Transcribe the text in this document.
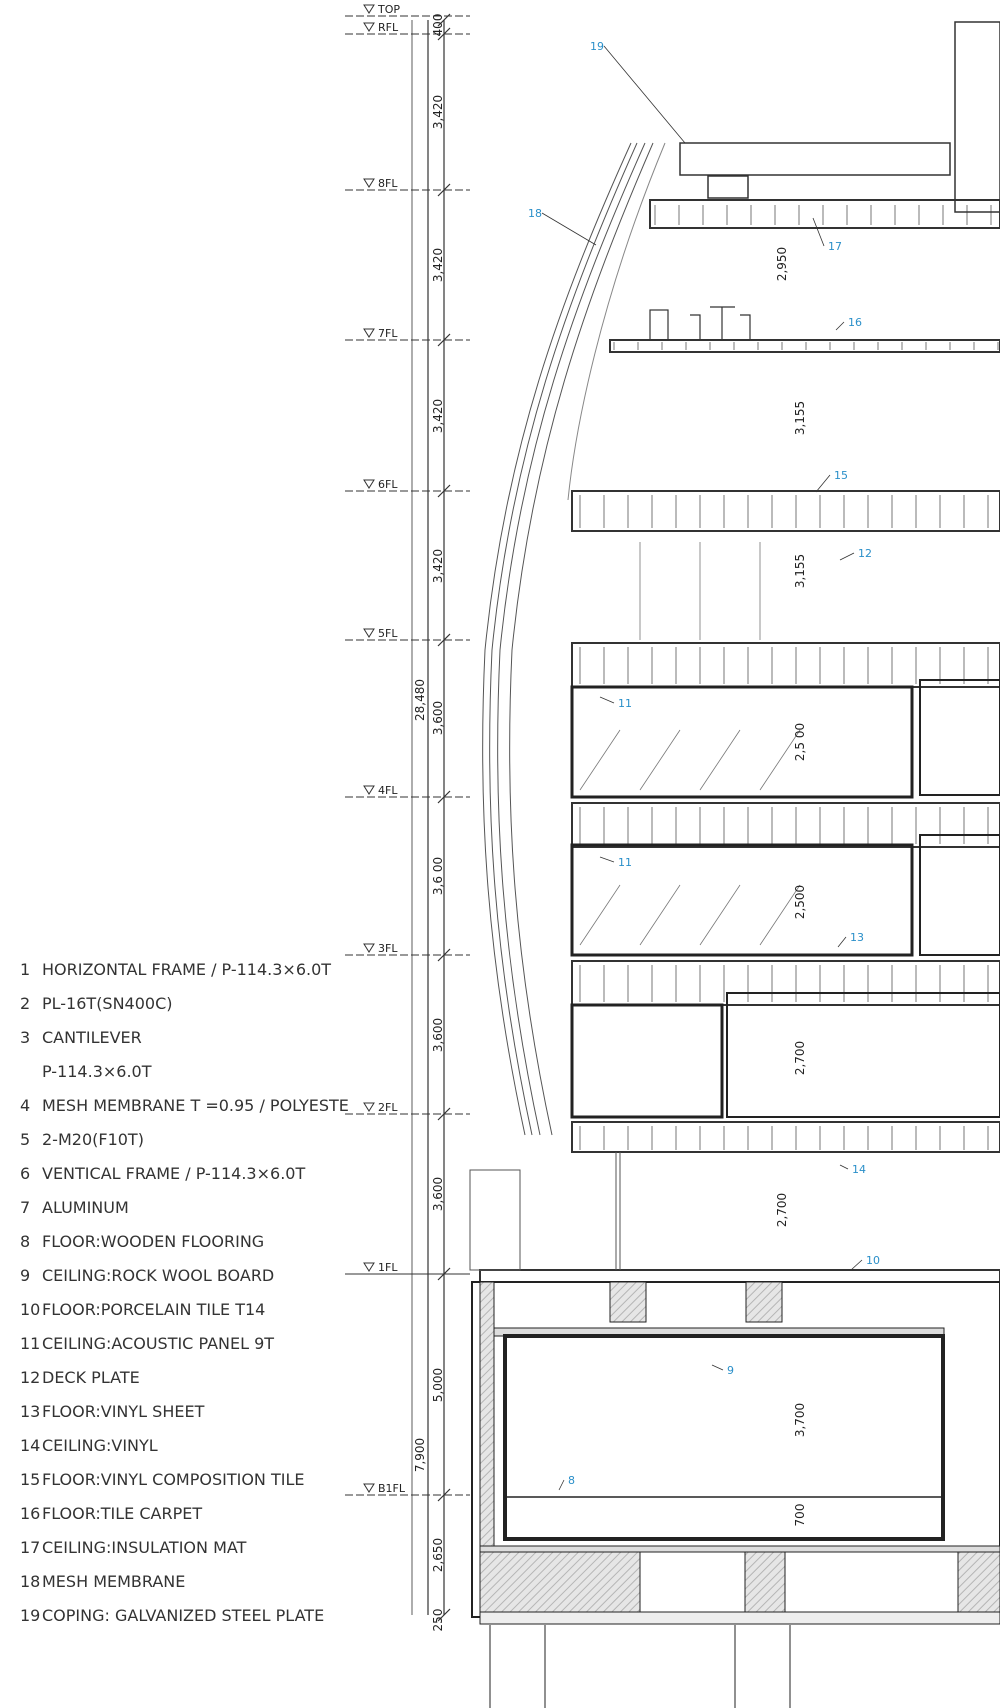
TOP
RFL
8FL
7FL
6FL
5FL
4FL
3FL
2FL
1FL
B1FL
28,480
7,900
400
3,420
3,420
3,420
3,420
3,600
3,6 00
3,600
3,600
5,000
2,650
250
2,950
3,155
3,155
2,5 00
2,500
2,700
2,700
3,700
700
19
18
17
16
15
12
11
11
13
14
10
9
8
1 HORIZONTAL FRAME / P-114.3×6.0T
2 PL-16T(SN400C)
3 CANTILEVER
P-114.3×6.0T
4 MESH MEMBRANE T =0.95 / POLYESTE
5 2-M20(F10T)
6 VENTICAL FRAME / P-114.3×6.0T
7 ALUMINUM
8 FLOOR:WOODEN FLOORING
9 CEILING:ROCK WOOL BOARD
10 FLOOR:PORCELAIN TILE T14
11 CEILING:ACOUSTIC PANEL 9T
12 DECK PLATE
13 FLOOR:VINYL SHEET
14 CEILING:VINYL
15 FLOOR:VINYL COMPOSITION TILE
16 FLOOR:TILE CARPET
17 CEILING:INSULATION MAT
18 MESH MEMBRANE
19 COPING: GALVANIZED STEEL PLATE
